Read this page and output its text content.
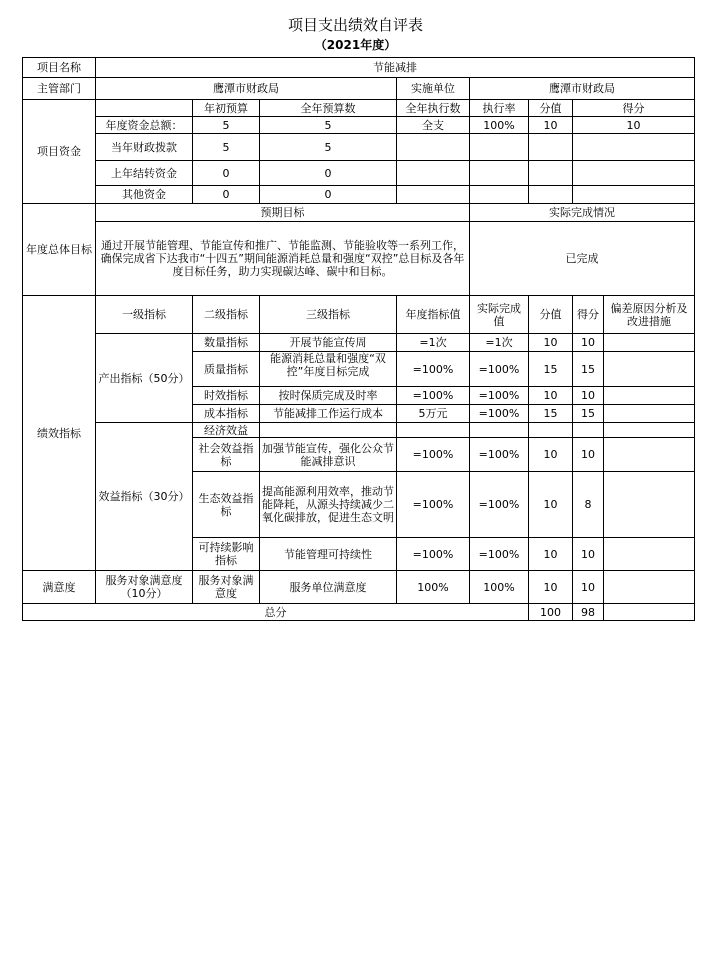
项目支出绩效自评表
（2021年度）
项目名称	节能减排							
主管部门	鹰潭市财政局			实施单位	鹰潭市财政局			
项目资金		年初预算	全年预算数	全年执行数	执行率	分值	得分	
	年度资金总额：	5	5	全支	100%	10	10	
	当年财政拨款	5	5					
	上年结转资金	0	0					
	其他资金	0	0					
年度总体目标	预期目标				实际完成情况			
	通过开展节能管理、节能宣传和推广、节能监测、节能验收等一系列工作，确保完成省下达我市“十四五”期间能源消耗总量和强度“双控”总目标及各年度目标任务，助力实现碳达峰、碳中和目标。				已完成			
绩效指标	一级指标	二级指标	三级指标	年度指标值	实际完成值	分值	得分	偏差原因分析及改进措施
	产出指标（50分）	数量指标	开展节能宣传周	=1次	=1次	10	10	
		质量指标	能源消耗总量和强度“双控”年度目标完成	=100%	=100%	15	15	
		时效指标	按时保质完成及时率	=100%	=100%	10	10	
		成本指标	节能减排工作运行成本	5万元	=100%	15	15	
	效益指标（30分）	经济效益						
		社会效益指标	加强节能宣传，强化公众节能减排意识	=100%	=100%	10	10	
		生态效益指标	提高能源利用效率，推动节能降耗，从源头持续减少二氧化碳排放，促进生态文明	=100%	=100%	10	8	
		可持续影响指标	节能管理可持续性	=100%	=100%	10	10	
满意度	服务对象满意度（10分）	服务对象满意度	服务单位满意度	100%	100%	10	10	
总分						100	98	
